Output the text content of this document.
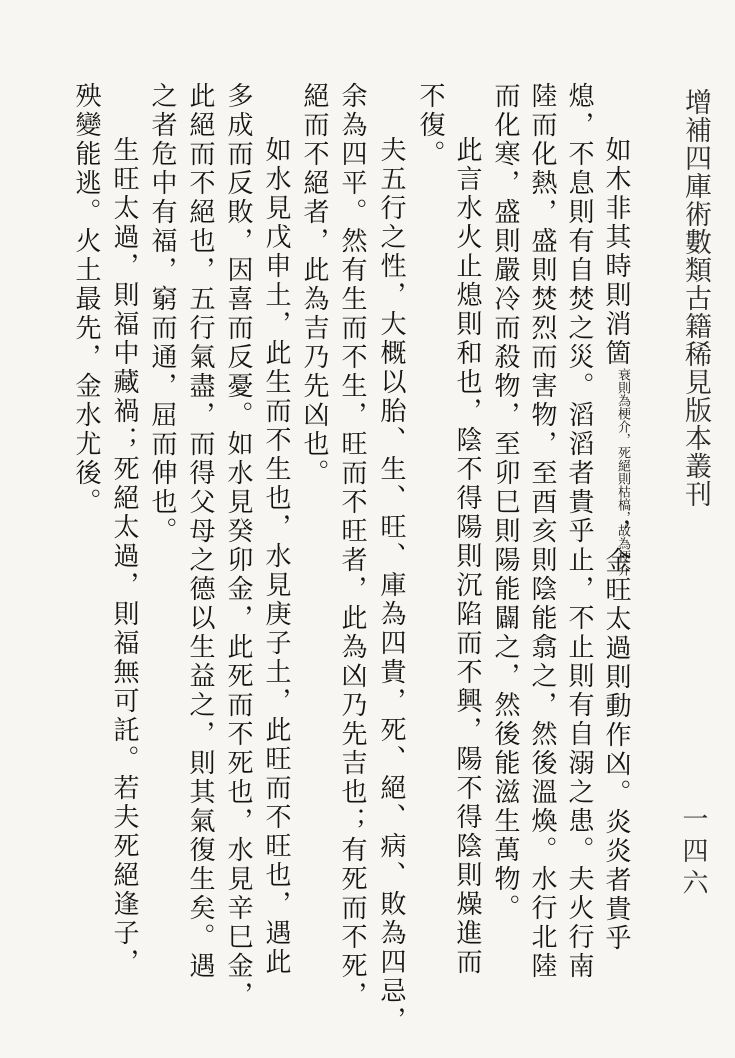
增補四庫術數類古籍稀見版本叢刊
一四六
如木非其時則消箇衰則為梗介，死絕則枯槁，故為梗介，金旺太過則動作凶。炎炎者貴乎
熄，不息則有自焚之災。滔滔者貴乎止，不止則有自溺之患。夫火行南
陸而化熱，盛則焚烈而害物，至酉亥則陰能翕之，然後溫煥。水行北陸
而化寒，盛則嚴冷而殺物，至卯巳則陽能闢之，然後能滋生萬物。
此言水火止熄則和也，陰不得陽則沉陷而不興，陽不得陰則燥進而
不復。
夫五行之性，大概以胎、生、旺、庫為四貴，死、絕、病、敗為四忌，
余為四平。然有生而不生，旺而不旺者，此為凶乃先吉也；有死而不死，
絕而不絕者，此為吉乃先凶也。
如水見戊申土，此生而不生也，水見庚子土，此旺而不旺也，遇此
多成而反敗，因喜而反憂。如水見癸卯金，此死而不死也，水見辛巳金，
此絕而不絕也，五行氣盡，而得父母之德以生益之，則其氣復生矣。遇
之者危中有福，窮而通，屈而伸也。
生旺太過，則福中藏禍；死絕太過，則福無可託。若夫死絕逢子，
殃變能逃。火土最先，金水尤後。
